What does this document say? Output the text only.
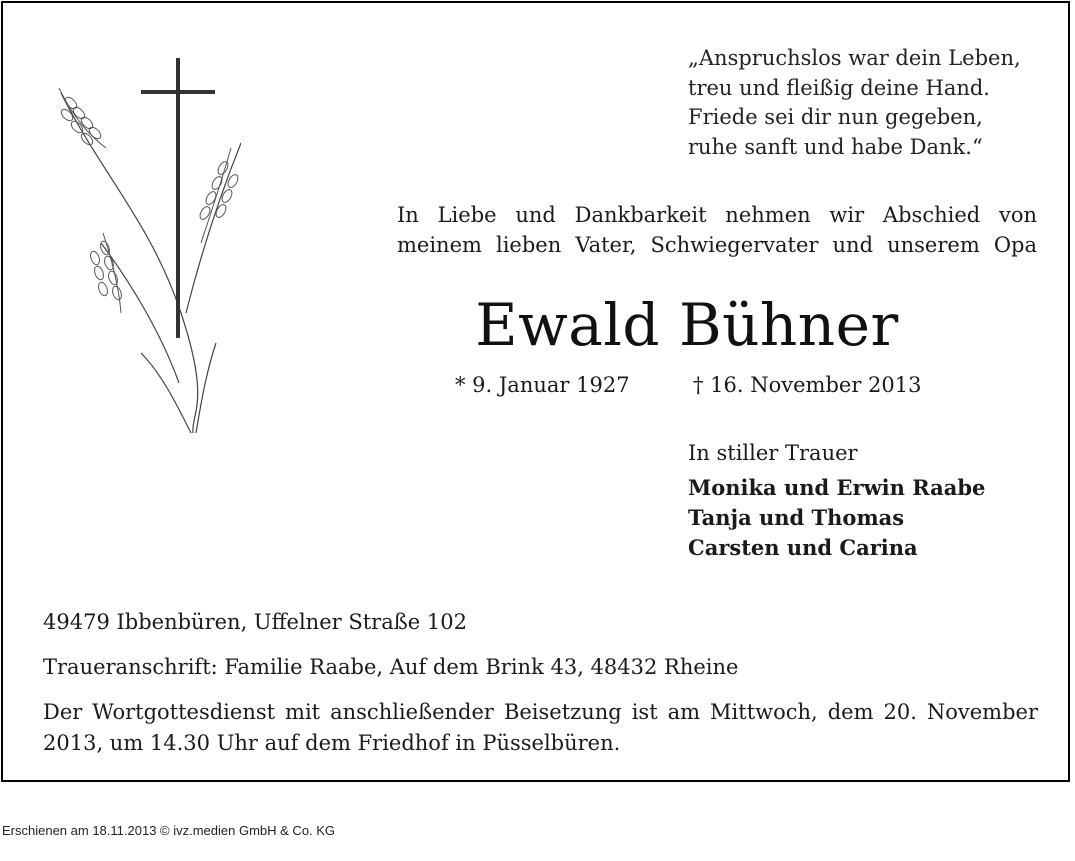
„Anspruchslos war dein Leben,
treu und fleißig deine Hand.
Friede sei dir nun gegeben,
ruhe sanft und habe Dank.“
In Liebe und Dankbarkeit nehmen wir Abschied von
meinem lieben Vater, Schwiegervater und unserem Opa
Ewald Bühner
* 9. Januar 1927	† 16. November 2013
In stiller Trauer
Monika und Erwin Raabe
Tanja und Thomas
Carsten und Carina
49479 Ibbenbüren, Uffelner Straße 102
Traueranschrift: Familie Raabe, Auf dem Brink 43, 48432 Rheine
Der Wortgottesdienst mit anschließender Beisetzung ist am Mittwoch, dem 20. November
2013, um 14.30 Uhr auf dem Friedhof in Püsselbüren.
Erschienen am 18.11.2013 © ivz.medien GmbH & Co. KG
